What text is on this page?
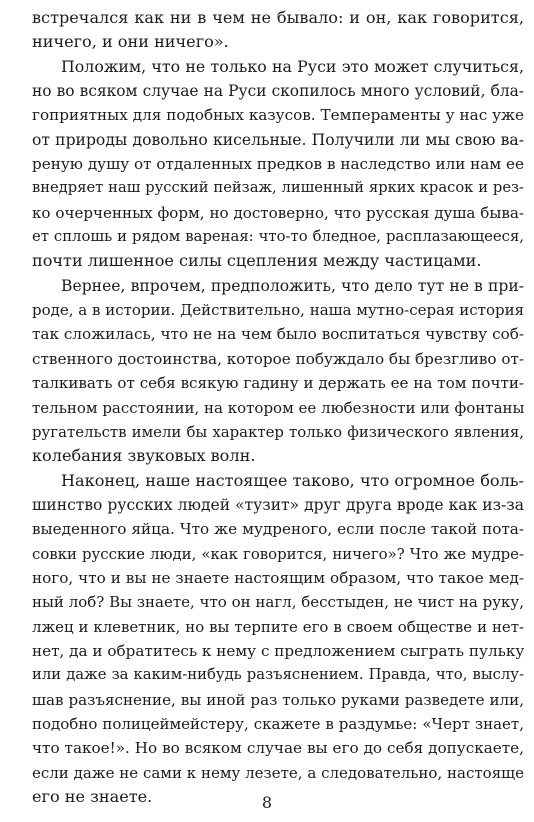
встречался как ни в чем не бывало: и он, как говорится,
ничего, и они ничего».
Положим, что не только на Руси это может случиться,
но во всяком случае на Руси скопилось много условий, бла-
гоприятных для подобных казусов. Темпераменты у нас уже
от природы довольно кисельные. Получили ли мы свою ва-
реную душу от отдаленных предков в наследство или нам ее
внедряет наш русский пейзаж, лишенный ярких красок и рез-
ко очерченных форм, но достоверно, что русская душа быва-
ет сплошь и рядом вареная: что-то бледное, расплазающееся,
почти лишенное силы сцепления между частицами.
Вернее, впрочем, предположить, что дело тут не в при-
роде, а в истории. Действительно, наша мутно-серая история
так сложилась, что не на чем было воспитаться чувству соб-
ственного достоинства, которое побуждало бы брезгливо от-
талкивать от себя всякую гадину и держать ее на том почти-
тельном расстоянии, на котором ее любезности или фонтаны
ругательств имели бы характер только физического явления,
колебания звуковых волн.
Наконец, наше настоящее таково, что огромное боль-
шинство русских людей «тузит» друг друга вроде как из-за
выеденного яйца. Что же мудреного, если после такой пота-
совки русские люди, «как говорится, ничего»? Что же мудре-
ного, что и вы не знаете настоящим образом, что такое мед-
ный лоб? Вы знаете, что он нагл, бесстыден, не чист на руку,
лжец и клеветник, но вы терпите его в своем обществе и нет-
нет, да и обратитесь к нему с предложением сыграть пульку
или даже за каким-нибудь разъяснением. Правда, что, выслу-
шав разъяснение, вы иной раз только руками разведете или,
подобно полицеймейстеру, скажете в раздумье: «Черт знает,
что такое!». Но во всяком случае вы его до себя допускаете,
если даже не сами к нему лезете, а следовательно, настояще
его не знаете.	8
